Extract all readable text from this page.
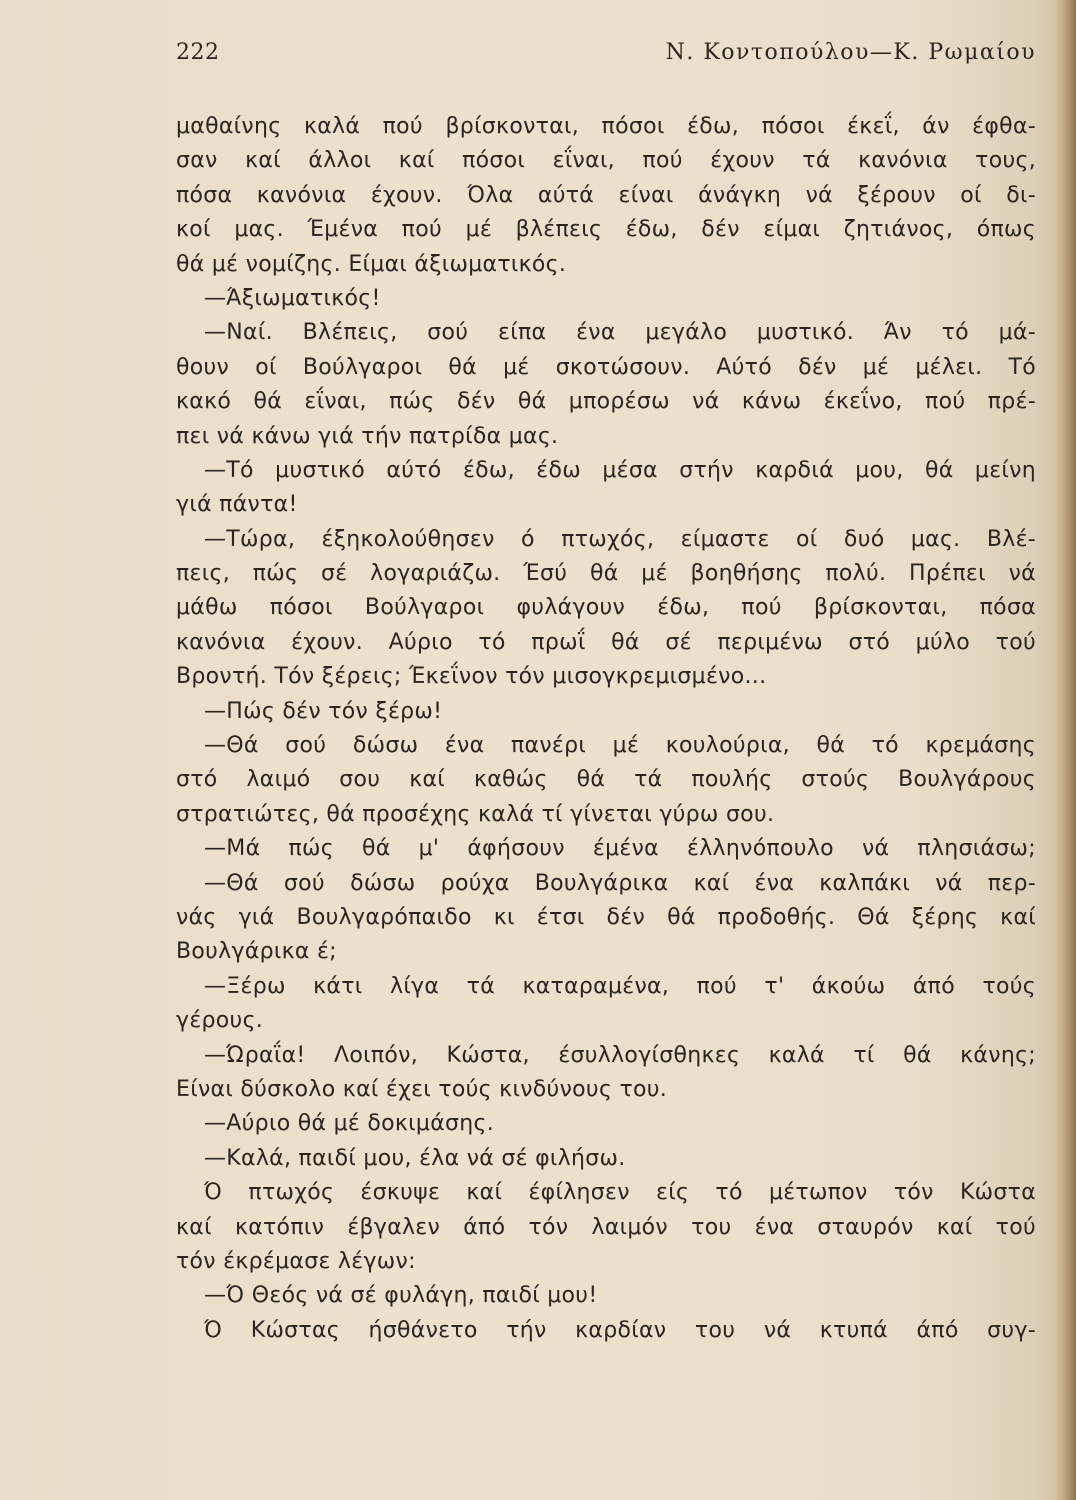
222	Ν. Κοντοπούλου—Κ. Ρωμαίου
μαθαίνης καλά πού βρίσκονται, πόσοι έδω, πόσοι έκεΐ, άν έφθα-
σαν καί άλλοι καί πόσοι εΐναι, πού έχουν τά κανόνια τους,
πόσα κανόνια έχουν. Όλα αύτά είναι άνάγκη νά ξέρουν οί δι-
κοί μας. Έμένα πού μέ βλέπεις έδω, δέν είμαι ζητιάνος, όπως
θά μέ νομίζης. Είμαι άξιωματικός.
—Άξιωματικός!
—Ναί. Βλέπεις, σού είπα ένα μεγάλο μυστικό. Άν τό μά-
θουν οί Βούλγαροι θά μέ σκοτώσουν. Αύτό δέν μέ μέλει. Τό
κακό θά εΐναι, πώς δέν θά μπορέσω νά κάνω έκεΐνο, πού πρέ-
πει νά κάνω γιά τήν πατρίδα μας.
—Τό μυστικό αύτό έδω, έδω μέσα στήν καρδιά μου, θά μείνη
γιά πάντα!
—Τώρα, έξηκολούθησεν ό πτωχός, είμαστε οί δυό μας. Βλέ-
πεις, πώς σέ λογαριάζω. Έσύ θά μέ βοηθήσης πολύ. Πρέπει νά
μάθω πόσοι Βούλγαροι φυλάγουν έδω, πού βρίσκονται, πόσα
κανόνια έχουν. Αύριο τό πρωΐ θά σέ περιμένω στό μύλο τού
Βροντή. Τόν ξέρεις; Έκεΐνον τόν μισογκρεμισμένο...
—Πώς δέν τόν ξέρω!
—Θά σού δώσω ένα πανέρι μέ κουλούρια, θά τό κρεμάσης
στό λαιμό σου καί καθώς θά τά πουλής στούς Βουλγάρους
στρατιώτες, θά προσέχης καλά τί γίνεται γύρω σου.
—Μά πώς θά μ' άφήσουν έμένα έλληνόπουλο νά πλησιάσω;
—Θά σού δώσω ρούχα Βουλγάρικα καί ένα καλπάκι νά περ-
νάς γιά Βουλγαρόπαιδο κι έτσι δέν θά προδοθής. Θά ξέρης καί
Βουλγάρικα έ;
—Ξέρω κάτι λίγα τά καταραμένα, πού τ' άκούω άπό τούς
γέρους.
—Ώραΐα! Λοιπόν, Κώστα, έσυλλογίσθηκες καλά τί θά κάνης;
Είναι δύσκολο καί έχει τούς κινδύνους του.
—Αύριο θά μέ δοκιμάσης.
—Καλά, παιδί μου, έλα νά σέ φιλήσω.
Ό πτωχός έσκυψε καί έφίλησεν είς τό μέτωπον τόν Κώστα
καί κατόπιν έβγαλεν άπό τόν λαιμόν του ένα σταυρόν καί τού
τόν έκρέμασε λέγων:
—Ό Θεός νά σέ φυλάγη, παιδί μου!
Ό Κώστας ήσθάνετο τήν καρδίαν του νά κτυπά άπό συγ-
